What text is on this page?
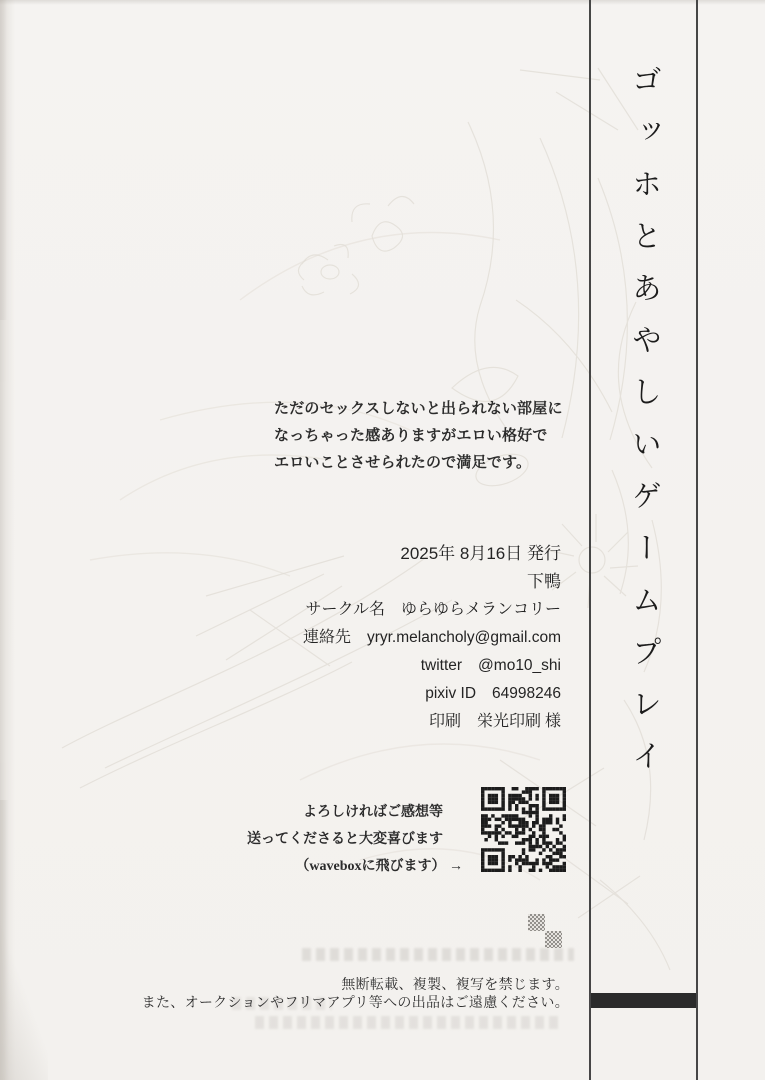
ゴッホとあやしいゲームプレイ
ただのセックスしないと出られない部屋に
なっちゃった感ありますがエロい格好で
エロいことさせられたので満足です。
2025年 8月16日 発行
下鴨
サークル名 ゆらゆらメランコリー
連絡先 yryr.melancholy@gmail.com
twitter @mo10_shi
pixiv ID 64998246
印刷 栄光印刷 様
よろしければご感想等
送ってくださると大変喜びます
（waveboxに飛びます） →
無断転載、複製、複写を禁じます。
また、オークションやフリマアプリ等への出品はご遠慮ください。
